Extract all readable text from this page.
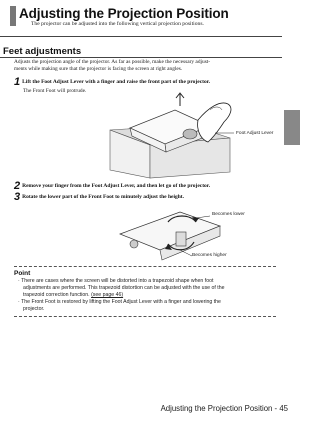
Adjusting the Projection Position
The projector can be adjusted into the following vertical projection positions.
Feet adjustments
Adjusts the projection angle of the projector. As far as possible, make the necessary adjust-
ments while making sure that the projector is facing the screen at right angles.
1 Lift the Foot Adjust Lever with a finger and raise the front part of the projector.
The Front Foot will protrude.
Foot Adjust Lever
2 Remove your finger from the Foot Adjust Lever, and then let go of the projector.
3 Rotate the lower part of the Front Foot to minutely adjust the height.
Becomes lower
Becomes higher
Point
· There are cases where the screen will be distorted into a trapezoid shape when foot
adjustments are performed. This trapezoid distortion can be adjusted with the use of the
trapezoid correction function. (see page 46)
· The Front Foot is restored by lifting the Foot Adjust Lever with a finger and lowering the
projector.
Adjusting the Projection Position - 45
